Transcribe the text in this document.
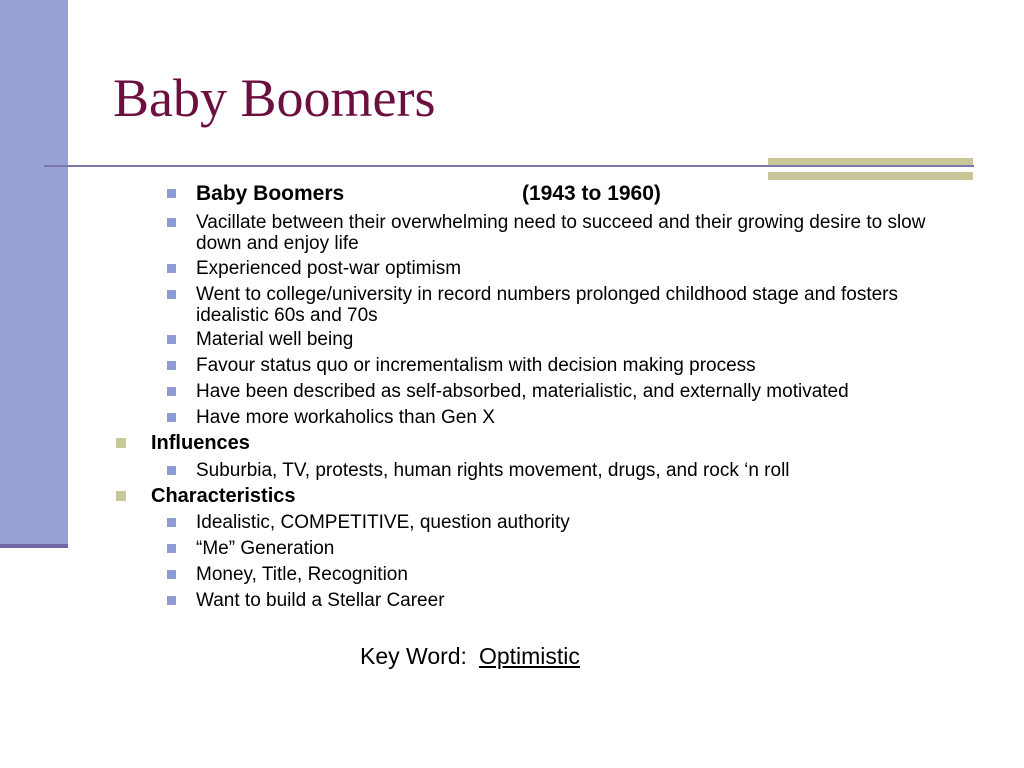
Baby Boomers
Baby Boomers	(1943 to 1960)
Vacillate between their overwhelming need to succeed and their growing desire to slow down and enjoy life
Experienced post-war optimism
Went to college/university in record numbers prolonged childhood stage and fosters idealistic 60s and 70s
Material well being
Favour status quo or incrementalism with decision making process
Have been described as self-absorbed, materialistic, and externally motivated
Have more workaholics than Gen X
Influences
Suburbia, TV, protests, human rights movement, drugs, and rock ‘n roll
Characteristics
Idealistic, COMPETITIVE, question authority
“Me” Generation
Money, Title, Recognition
Want to build a Stellar Career
Key Word: Optimistic
